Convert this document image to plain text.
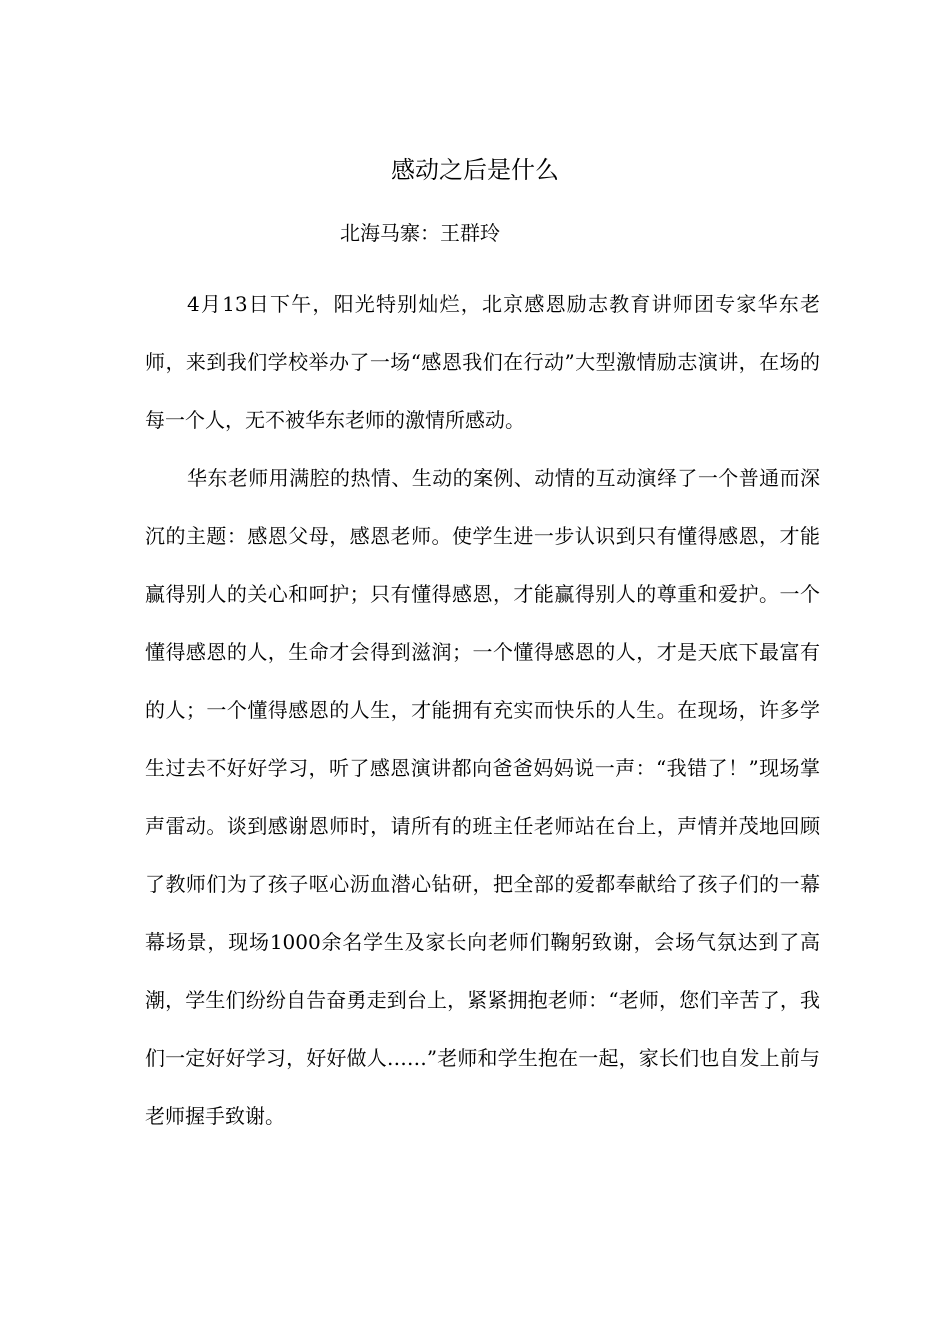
感动之后是什么

北海马寨：王群玲

4月13日下午，阳光特别灿烂，北京感恩励志教育讲师团专家华东老师，来到我们学校举办了一场“感恩我们在行动”大型激情励志演讲，在场的每一个人，无不被华东老师的激情所感动。

华东老师用满腔的热情、生动的案例、动情的互动演绎了一个普通而深沉的主题：感恩父母，感恩老师。使学生进一步认识到只有懂得感恩，才能赢得别人的关心和呵护；只有懂得感恩，才能赢得别人的尊重和爱护。一个懂得感恩的人，生命才会得到滋润；一个懂得感恩的人，才是天底下最富有的人；一个懂得感恩的人生，才能拥有充实而快乐的人生。在现场，许多学生过去不好好学习，听了感恩演讲都向爸爸妈妈说一声：“我错了！”现场掌声雷动。谈到感谢恩师时，请所有的班主任老师站在台上，声情并茂地回顾了教师们为了孩子呕心沥血潜心钻研，把全部的爱都奉献给了孩子们的一幕幕场景，现场1000余名学生及家长向老师们鞠躬致谢，会场气氛达到了高潮，学生们纷纷自告奋勇走到台上，紧紧拥抱老师：“老师，您们辛苦了，我们一定好好学习，好好做人……”老师和学生抱在一起，家长们也自发上前与老师握手致谢。
